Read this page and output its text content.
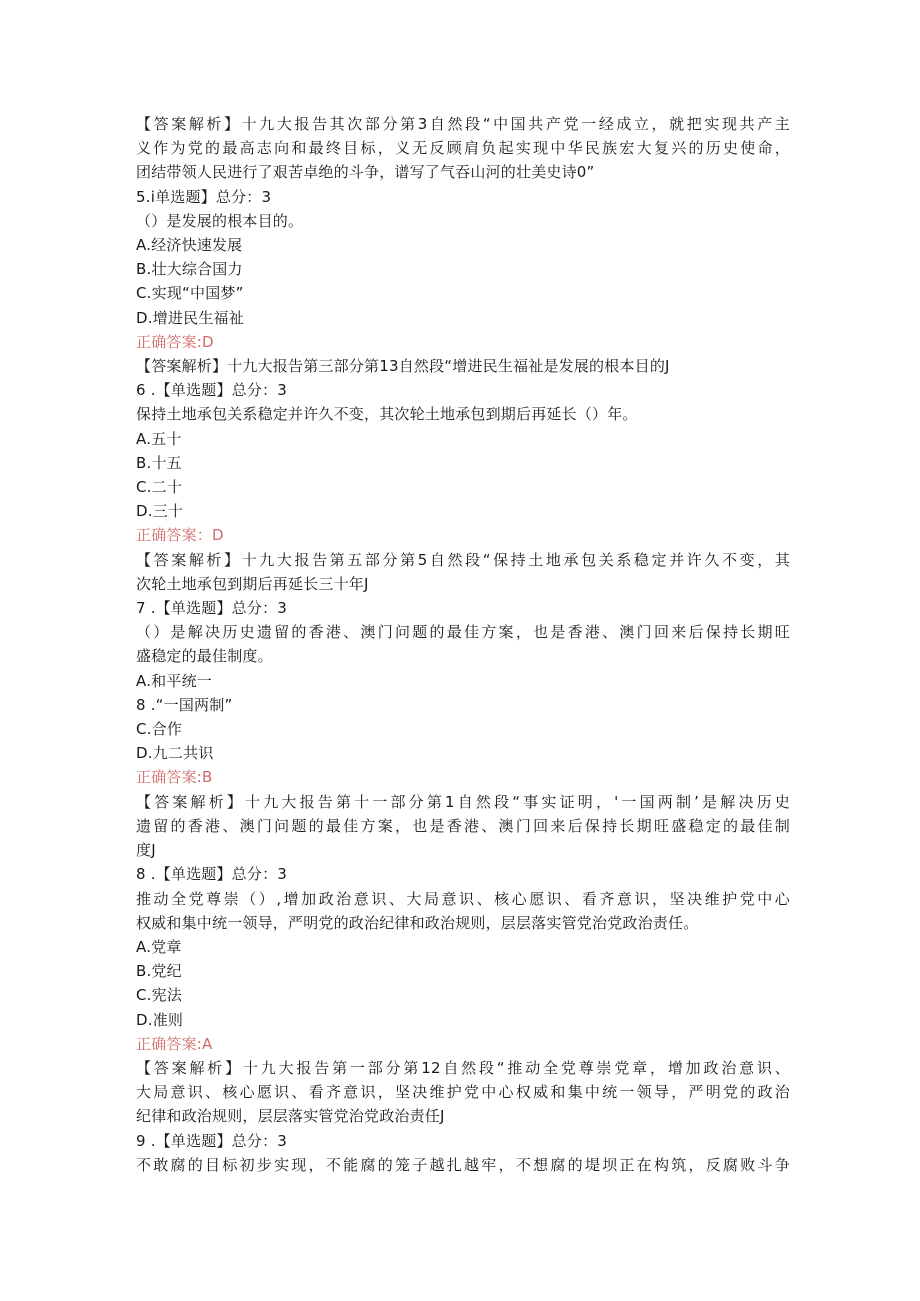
【答案解析】十九大报告其次部分第3自然段“中国共产党一经成立，就把实现共产主
义作为党的最高志向和最终目标，义无反顾肩负起实现中华民族宏大复兴的历史使命，
团结带领人民进行了艰苦卓绝的斗争，谱写了气吞山河的壮美史诗0”
5.i单选题】总分：3
（）是发展的根本目的。
A.经济快速发展
B.壮大综合国力
C.实现“中国梦”
D.增进民生福祉
正确答案:D
【答案解析】十九大报告第三部分第13自然段“增进民生福祉是发展的根本目的J
6 .【单选题】总分：3
保持土地承包关系稳定并许久不变，其次轮土地承包到期后再延长（）年。
A.五十
B.十五
C.二十
D.三十
正确答案：D
【答案解析】十九大报告第五部分第5自然段“保持土地承包关系稳定并许久不变，其
次轮土地承包到期后再延长三十年J
7 .【单选题】总分：3
（）是解决历史遗留的香港、澳门问题的最佳方案，也是香港、澳门回来后保持长期旺
盛稳定的最佳制度。
A.和平统一
8 .“一国两制”
C.合作
D.九二共识
正确答案:B
【答案解析】十九大报告第十一部分第1自然段“事实证明，'一国两制’是解决历史
遗留的香港、澳门问题的最佳方案，也是香港、澳门回来后保持长期旺盛稳定的最佳制
度J
8 .【单选题】总分：3
推动全党尊崇（）,增加政治意识、大局意识、核心愿识、看齐意识，坚决维护党中心
权威和集中统一领导，严明党的政治纪律和政治规则，层层落实管党治党政治责任。
A.党章
B.党纪
C.宪法
D.准则
正确答案:A
【答案解析】十九大报告第一部分第12自然段“推动全党尊崇党章，增加政治意识、
大局意识、核心愿识、看齐意识，坚决维护党中心权威和集中统一领导，严明党的政治
纪律和政治规则，层层落实管党治党政治责任J
9 .【单选题】总分：3
不敢腐的目标初步实现，不能腐的笼子越扎越牢，不想腐的堤坝正在构筑，反腐败斗争
